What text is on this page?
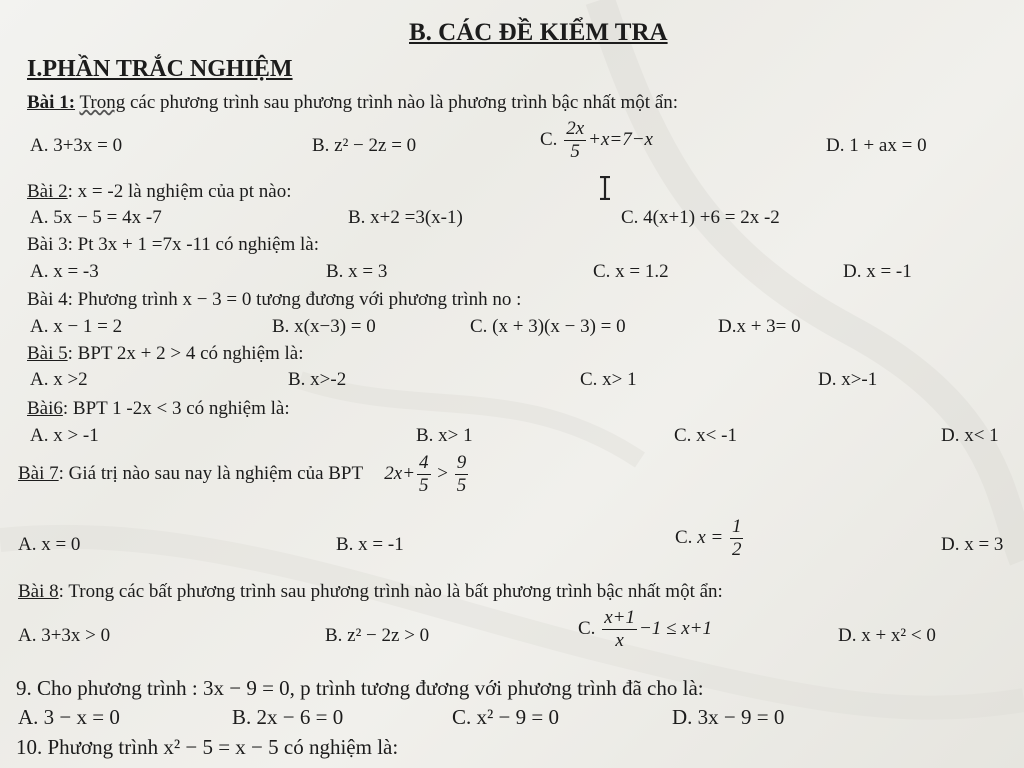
B. CÁC ĐỀ KIỂM TRA
I.PHẦN TRẮC NGHIỆM
Bài 1: Trong các phương trình sau phương trình nào là phương trình bậc nhất một ẩn:
A. 3+3x = 0	B. z² − 2z = 0	C. $\frac{2x}{5} +x=7-x$	D. 1 + ax = 0
Bài 2: x = -2 là nghiệm của pt nào:
A. 5x − 5 = 4x -7	B. x+2 =3(x-1)	C. 4(x+1) +6 = 2x -2
Bài 3: Pt 3x + 1 =7x -11 có nghiệm là:
A. x = -3	B. x = 3	C. x = 1.2	D. x = -1
Bài 4: Phương trình x − 3 = 0 tương đương với phương trình no :
A. x − 1 = 2	B. x(x−3) = 0	C. (x + 3)(x − 3) = 0	D.x + 3= 0
Bài 5: BPT 2x + 2 > 4 có nghiệm là:
A. x >2	B. x>-2	C. x> 1	D. x>-1
Bài6: BPT 1 -2x < 3 có nghiệm là:
A. x > -1	B. x> 1	C. x< -1	D. x< 1
Bài 7: Giá trị nào sau nay là nghiệm của BPT $2x+ \frac{4}{5} > \frac{9}{5}$
A. x = 0	B. x = -1	C. $x = \frac{1}{2}$	D. x = 3
Bài 8: Trong các bất phương trình sau phương trình nào là bất phương trình bậc nhất một ẩn:
A. 3+3x > 0	B. z² − 2z > 0	C. $\frac{x+1}{x} -1 \le x+1$	D. x + x² < 0
9. Cho phương trình : 3x − 9 = 0, p trình tương đương với phương trình đã cho là:
A. 3 − x = 0	B. 2x − 6 = 0	C. x² − 9 = 0	D. 3x − 9 = 0
10. Phương trình x² − 5 = x − 5 có nghiệm là:
